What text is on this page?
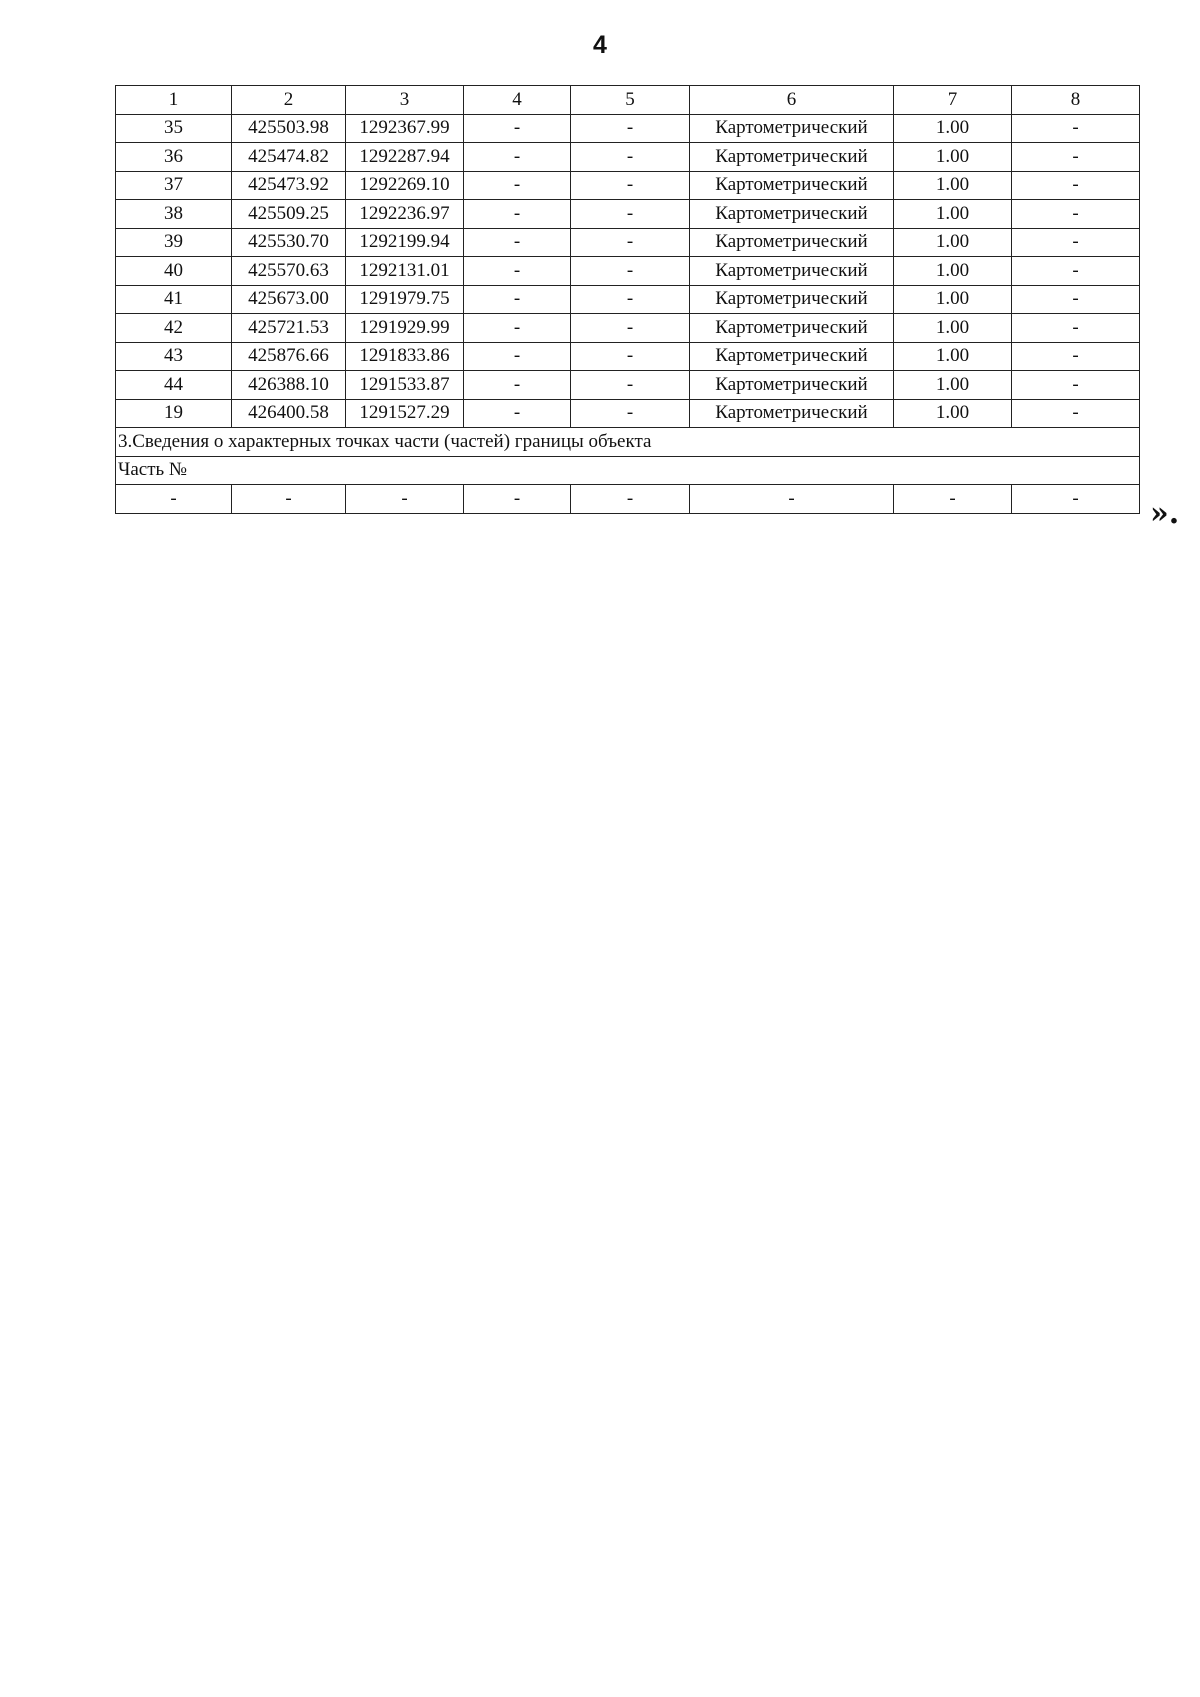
4
1	2	3	4	5	6	7	8
35	425503.98	1292367.99	-	-	Картометрический	1.00	-
36	425474.82	1292287.94	-	-	Картометрический	1.00	-
37	425473.92	1292269.10	-	-	Картометрический	1.00	-
38	425509.25	1292236.97	-	-	Картометрический	1.00	-
39	425530.70	1292199.94	-	-	Картометрический	1.00	-
40	425570.63	1292131.01	-	-	Картометрический	1.00	-
41	425673.00	1291979.75	-	-	Картометрический	1.00	-
42	425721.53	1291929.99	-	-	Картометрический	1.00	-
43	425876.66	1291833.86	-	-	Картометрический	1.00	-
44	426388.10	1291533.87	-	-	Картометрический	1.00	-
19	426400.58	1291527.29	-	-	Картометрический	1.00	-
3.Сведения о характерных точках части (частей) границы объекта							
Часть №							
-	-	-	-	-	-	-	- ».
